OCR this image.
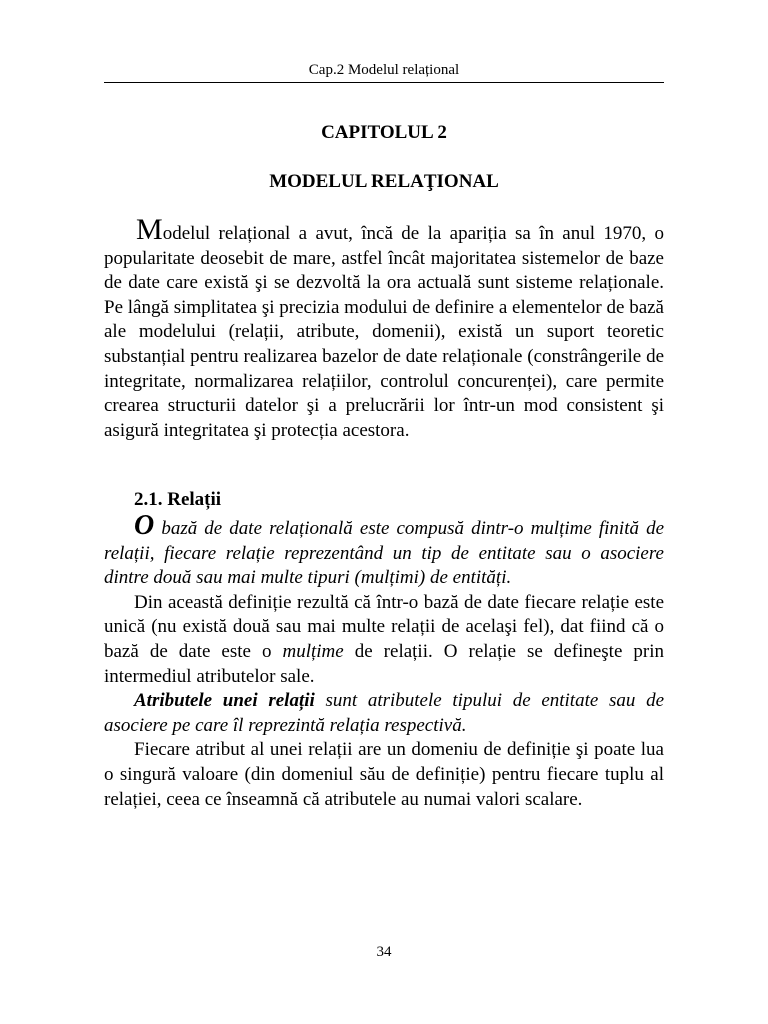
Cap.2 Modelul relațional
CAPITOLUL 2
MODELUL RELAŢIONAL

Modelul relațional a avut, încă de la apariția sa în anul 1970, o popularitate deosebit de mare, astfel încât majoritatea sistemelor de baze de date care există şi se dezvoltă la ora actuală sunt sisteme relaționale. Pe lângă simplitatea şi precizia modului de definire a elementelor de bază ale modelului (relații, atribute, domenii), există un suport teoretic substanțial pentru realizarea bazelor de date relaționale (constrângerile de integritate, normalizarea relațiilor, controlul concurenței), care permite crearea structurii datelor şi a prelucrării lor într-un mod consistent şi asigură integritatea şi protecția acestora.

2.1. Relații

O bază de date relațională este compusă dintr-o mulțime finită de relații, fiecare relație reprezentând un tip de entitate sau o asociere dintre două sau mai multe tipuri (mulțimi) de entități.

Din această definiție rezultă că într-o bază de date fiecare relație este unică (nu există două sau mai multe relații de acelaşi fel), dat fiind că o bază de date este o mulțime de relații. O relație se defineşte prin intermediul atributelor sale.

Atributele unei relații sunt atributele tipului de entitate sau de asociere pe care îl reprezintă relația respectivă.

Fiecare atribut al unei relații are un domeniu de definiție şi poate lua o singură valoare (din domeniul său de definiție) pentru fiecare tuplu al relației, ceea ce înseamnă că atributele au numai valori scalare.

34
